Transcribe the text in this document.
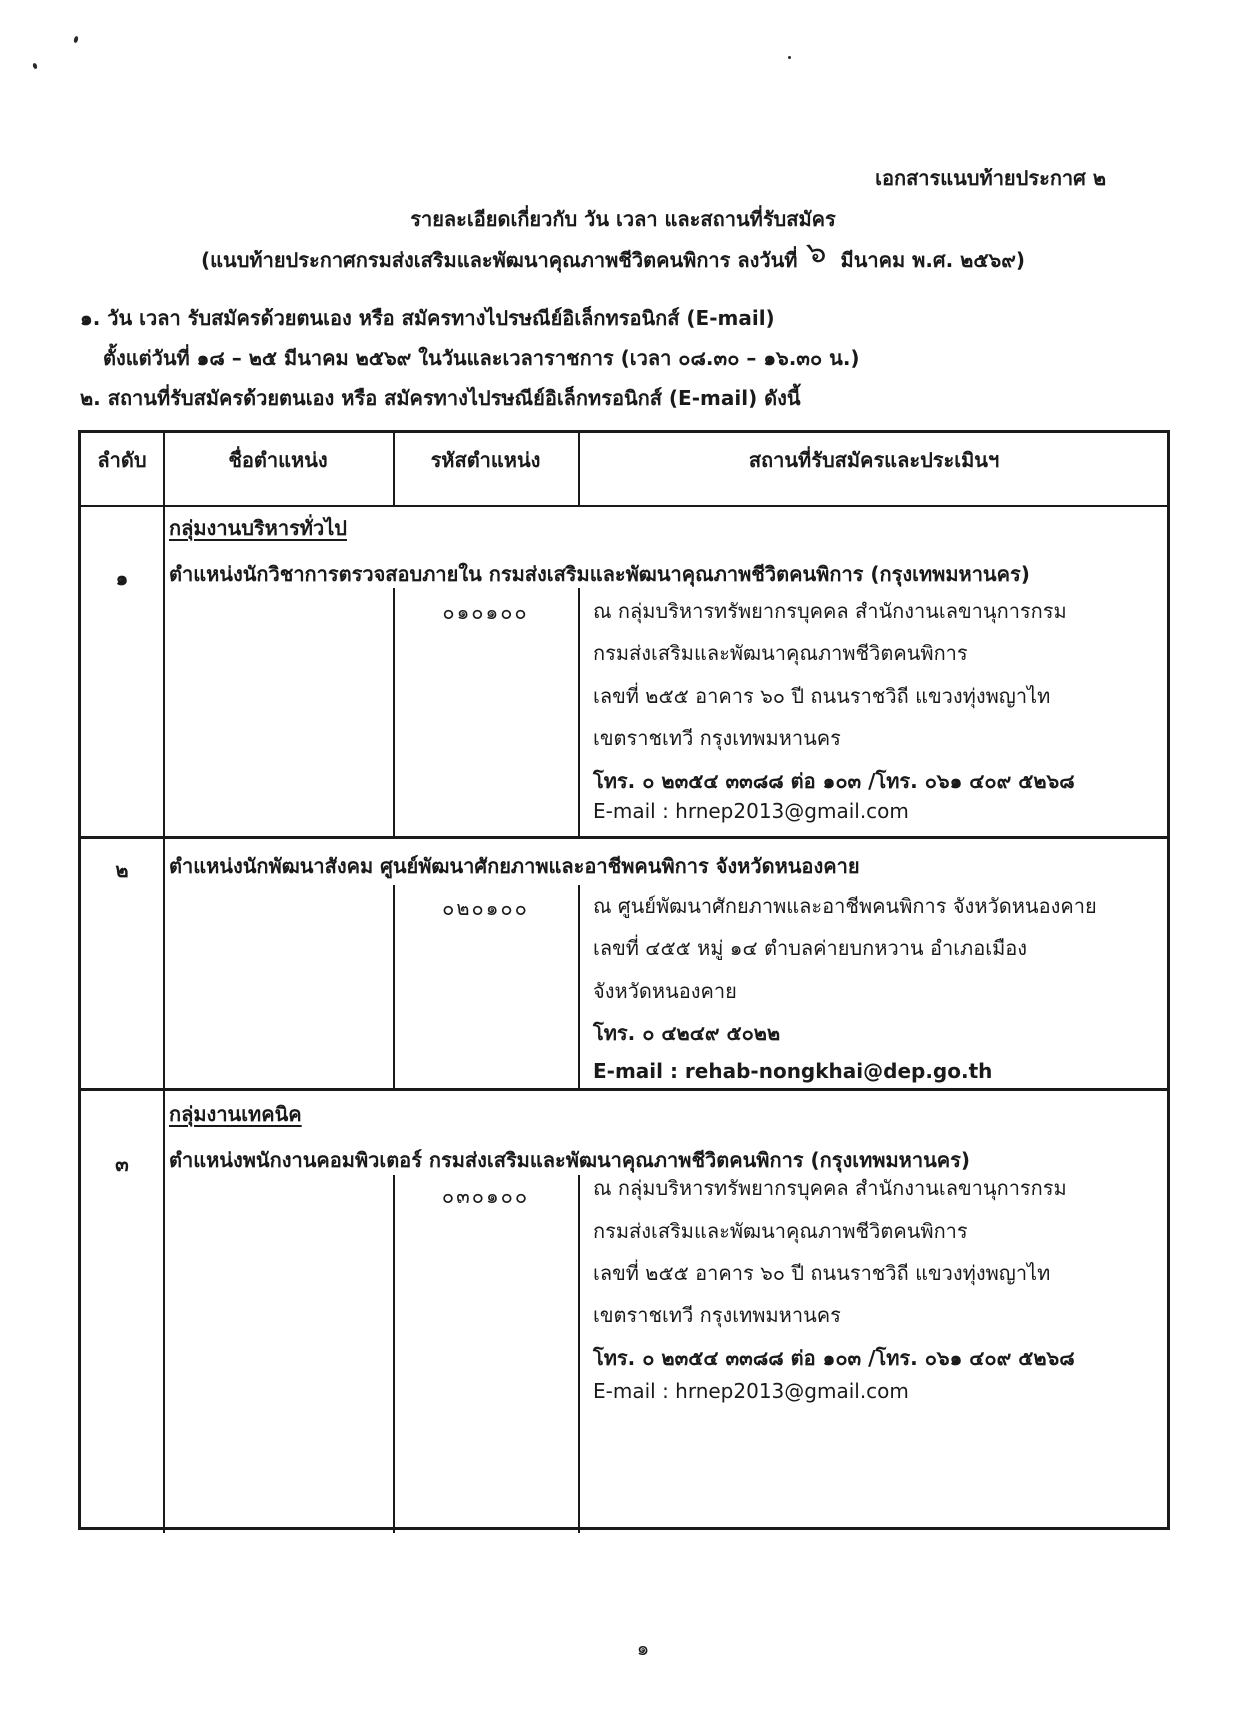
เอกสารแนบท้ายประกาศ ๒
รายละเอียดเกี่ยวกับ วัน เวลา และสถานที่รับสมัคร
(แนบท้ายประกาศกรมส่งเสริมและพัฒนาคุณภาพชีวิตคนพิการ ลงวันที่ ๖ มีนาคม พ.ศ. ๒๕๖๙)
๑. วัน เวลา รับสมัครด้วยตนเอง หรือ สมัครทางไปรษณีย์อิเล็กทรอนิกส์ (E-mail)
ตั้งแต่วันที่ ๑๘ – ๒๕ มีนาคม ๒๕๖๙ ในวันและเวลาราชการ (เวลา ๐๘.๓๐ – ๑๖.๓๐ น.)
๒. สถานที่รับสมัครด้วยตนเอง หรือ สมัครทางไปรษณีย์อิเล็กทรอนิกส์ (E-mail) ดังนี้
ลำดับ	ชื่อตำแหน่ง	รหัสตำแหน่ง	สถานที่รับสมัครและประเมินฯ
กลุ่มงานบริหารทั่วไป
๑	ตำแหน่งนักวิชาการตรวจสอบภายใน กรมส่งเสริมและพัฒนาคุณภาพชีวิตคนพิการ (กรุงเทพมหานคร)
๐๑๐๑๐๐	ณ กลุ่มบริหารทรัพยากรบุคคล สำนักงานเลขานุการกรม
กรมส่งเสริมและพัฒนาคุณภาพชีวิตคนพิการ
เลขที่ ๒๕๕ อาคาร ๖๐ ปี ถนนราชวิถี แขวงทุ่งพญาไท
เขตราชเทวี กรุงเทพมหานคร
โทร. ๐ ๒๓๕๔ ๓๓๘๘ ต่อ ๑๐๓ /โทร. ๐๖๑ ๔๐๙ ๕๒๖๘
E-mail : hrnep2013@gmail.com
๒	ตำแหน่งนักพัฒนาสังคม ศูนย์พัฒนาศักยภาพและอาชีพคนพิการ จังหวัดหนองคาย
๐๒๐๑๐๐	ณ ศูนย์พัฒนาศักยภาพและอาชีพคนพิการ จังหวัดหนองคาย
เลขที่ ๔๕๕ หมู่ ๑๔ ตำบลค่ายบกหวาน อำเภอเมือง
จังหวัดหนองคาย
โทร. ๐ ๔๒๔๙ ๕๐๒๒
E-mail : rehab-nongkhai@dep.go.th
กลุ่มงานเทคนิค
๓	ตำแหน่งพนักงานคอมพิวเตอร์ กรมส่งเสริมและพัฒนาคุณภาพชีวิตคนพิการ (กรุงเทพมหานคร)
๐๓๐๑๐๐	ณ กลุ่มบริหารทรัพยากรบุคคล สำนักงานเลขานุการกรม
กรมส่งเสริมและพัฒนาคุณภาพชีวิตคนพิการ
เลขที่ ๒๕๕ อาคาร ๖๐ ปี ถนนราชวิถี แขวงทุ่งพญาไท
เขตราชเทวี กรุงเทพมหานคร
โทร. ๐ ๒๓๕๔ ๓๓๘๘ ต่อ ๑๐๓ /โทร. ๐๖๑ ๔๐๙ ๕๒๖๘
E-mail : hrnep2013@gmail.com
๑
